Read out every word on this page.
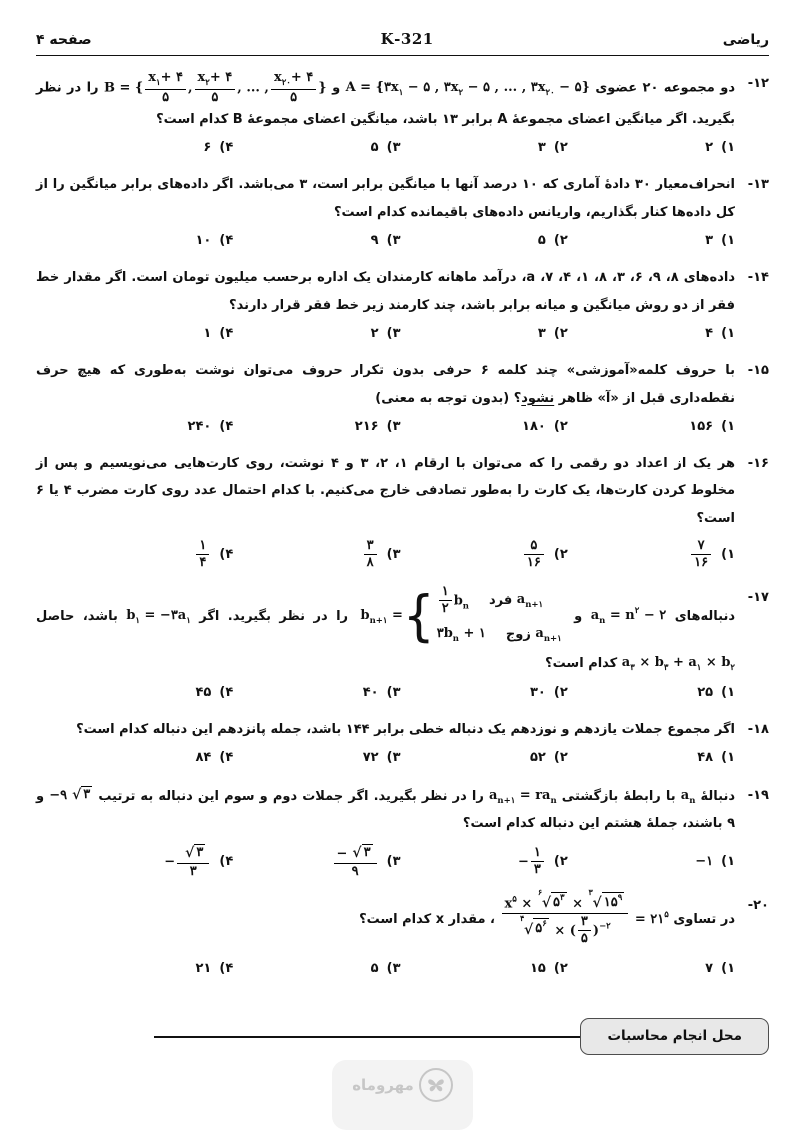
ریاضی
321-K
صفحه ۴
۱۲-
دو مجموعه ۲۰ عضوی $A = \{۳x_۱$ − ۵ , $۳x_۲$ − ۵ , ... , $۳x_{۲۰}$ − ۵} و B = { $\frac{x_۱+ ۴}{۵}$ , $\frac{x_۲+ ۴}{۵}$ , ... , $\frac{x_{۲۰}+ ۴}{۵}$ } را در نظر بگیرید. اگر میانگین اعضای مجموعهٔ A برابر ۱۳ باشد، میانگین اعضای مجموعهٔ B کدام است؟
۱)
۲
۲)
۳
۳)
۵
۴)
۶
۱۳-
انحراف‌معیار ۳۰ دادهٔ آماری که ۱۰ درصد آنها با میانگین برابر است، ۳ می‌باشد. اگر داده‌های برابر میانگین را از کل داده‌ها کنار بگذاریم، واریانس داده‌های باقیمانده کدام است؟
۱)
۳
۲)
۵
۳)
۹
۴)
۱۰
۱۴-
داده‌های ۸، ۹، ۶، ۳، ۸، ۱، ۴، ۷، a، درآمد ماهانه کارمندان یک اداره برحسب میلیون تومان است. اگر مقدار خط فقر از دو روش میانگین و میانه برابر باشد، چند کارمند زیر خط فقر قرار دارند؟
۱)
۴
۲)
۳
۳)
۲
۴)
۱
۱۵-
با حروف کلمه«آموزشی» چند کلمه ۶ حرفی بدون تکرار حروف می‌توان نوشت به‌طوری که هیچ حرف نقطه‌داری قبل از «آ» ظاهر نشود؟ (بدون توجه به معنی)
۱)
۱۵۶
۲)
۱۸۰
۳)
۲۱۶
۴)
۲۴۰
۱۶-
هر یک از اعداد دو رقمی را که می‌توان با ارقام ۱، ۲، ۳ و ۴ نوشت، روی کارت‌هایی می‌نویسیم و پس از مخلوط کردن کارت‌ها، یک کارت را به‌طور تصادفی خارج می‌کنیم. با کدام احتمال عدد روی کارت مضرب ۴ یا ۶ است؟
۱)
$\frac{۷}{۱۶}$
۲)
$\frac{۵}{۱۶}$
۳)
$\frac{۳}{۸}$
۴)
$\frac{۱}{۴}$
۱۷-
دنباله‌های $a_n = n^۲$ − ۲ و
$b_{n+۱}$ = { $\frac{۱}{۲} b_n$	$a_{n+۱}$ فرد
$۳b_n$ + ۱	$a_{n+۱}$ زوج
را در نظر بگیرید. اگر $b_۱$ = $-۳a_۱$ باشد، حاصل $a_۳ \times b_۳ + a_۱ \times b_۲$ کدام است؟
۱)
۲۵
۲)
۳۰
۳)
۴۰
۴)
۴۵
۱۸-
اگر مجموع جملات یازدهم و نوزدهم یک دنباله خطی برابر ۱۴۴ باشد، جمله پانزدهم این دنباله کدام است؟
۱)
۴۸
۲)
۵۲
۳)
۷۲
۴)
۸۴
۱۹-
دنبالهٔ $a_n$ با رابطهٔ بازگشتی $a_{n+۱} = ra_n$ را در نظر بگیرید. اگر جملات دوم و سوم این دنباله به ترتیب −۹ √ ۳
و ۹ باشند، جملهٔ هشتم این دنباله کدام است؟
۱)
−۱
۲)
− $\frac{۱}{۳}$
۳)
$\frac{- √ ۳}{۹}$
۴)
− $\frac{√ ۳}{۳}$
۲۰-
در تساوی
$x^۵$ ×
۶
√ $۵^۳$ ×
۳
√ $۱۵^۹$
۴
√ $۵^۶$ × ( $\frac{۳}{۵} )^{-۲}$ = $۲۱^۵$ ، مقدار x کدام است؟
۱)
۷
۲)
۱۵
۳)
۵
۴)
۲۱
محل انجام محاسبات
مهروماه
